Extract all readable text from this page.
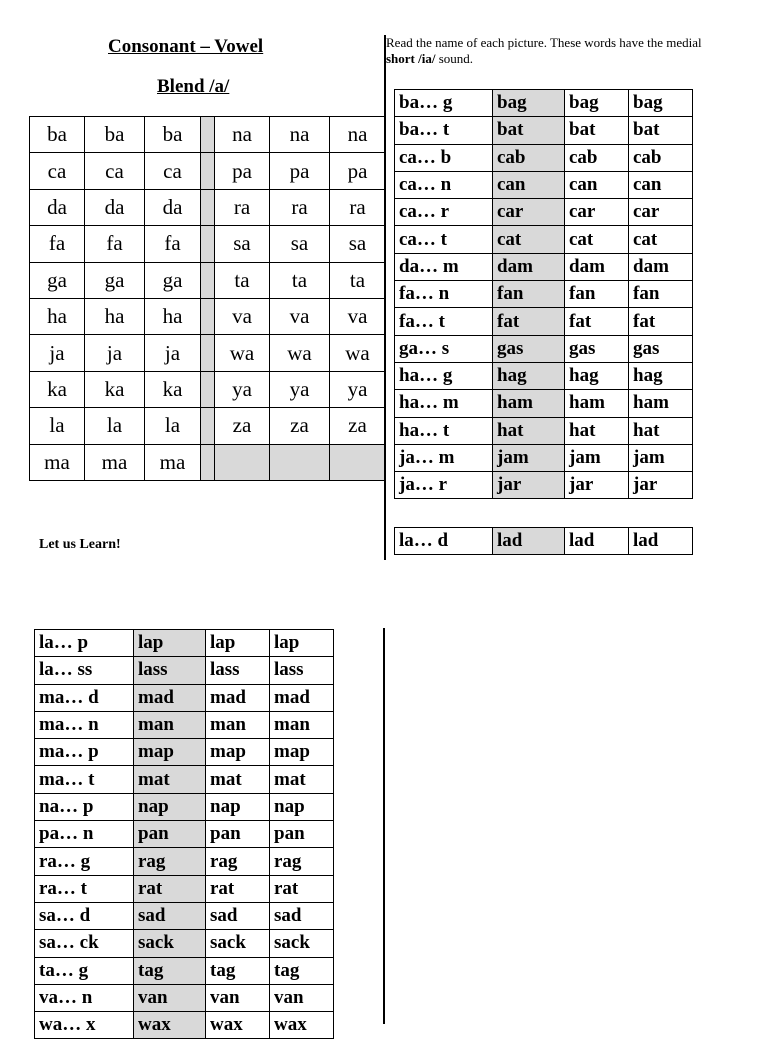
Consonant – Vowel
Blend /a/
ba	ba	ba		na	na	na
ca	ca	ca		pa	pa	pa
da	da	da		ra	ra	ra
fa	fa	fa		sa	sa	sa
ga	ga	ga		ta	ta	ta
ha	ha	ha		va	va	va
ja	ja	ja		wa	wa	wa
ka	ka	ka		ya	ya	ya
la	la	la		za	za	za
ma	ma	ma				

Read the name of each picture. These words have the medial

short /ia/ sound.

ba… g	bag	bag	bag
ba… t	bat	bat	bat
ca… b	cab	cab	cab
ca… n	can	can	can
ca… r	car	car	car
ca… t	cat	cat	cat
da… m	dam	dam	dam
fa… n	fan	fan	fan
fa… t	fat	fat	fat
ga… s	gas	gas	gas
ha… g	hag	hag	hag
ha… m	ham	ham	ham
ha… t	hat	hat	hat
ja… m	jam	jam	jam
ja… r	jar	jar	jar
la… d	lad	lad	lad
la… p	lap	lap	lap
la… ss	lass	lass	lass
ma… d	mad	mad	mad
ma… n	man	man	man
ma… p	map	map	map
ma… t	mat	mat	mat
na… p	nap	nap	nap
pa… n	pan	pan	pan
ra… g	rag	rag	rag
ra… t	rat	rat	rat
sa… d	sad	sad	sad
sa… ck	sack	sack	sack
ta… g	tag	tag	tag
va… n	van	van	van
wa… x	wax	wax	wax
Let us Learn!
